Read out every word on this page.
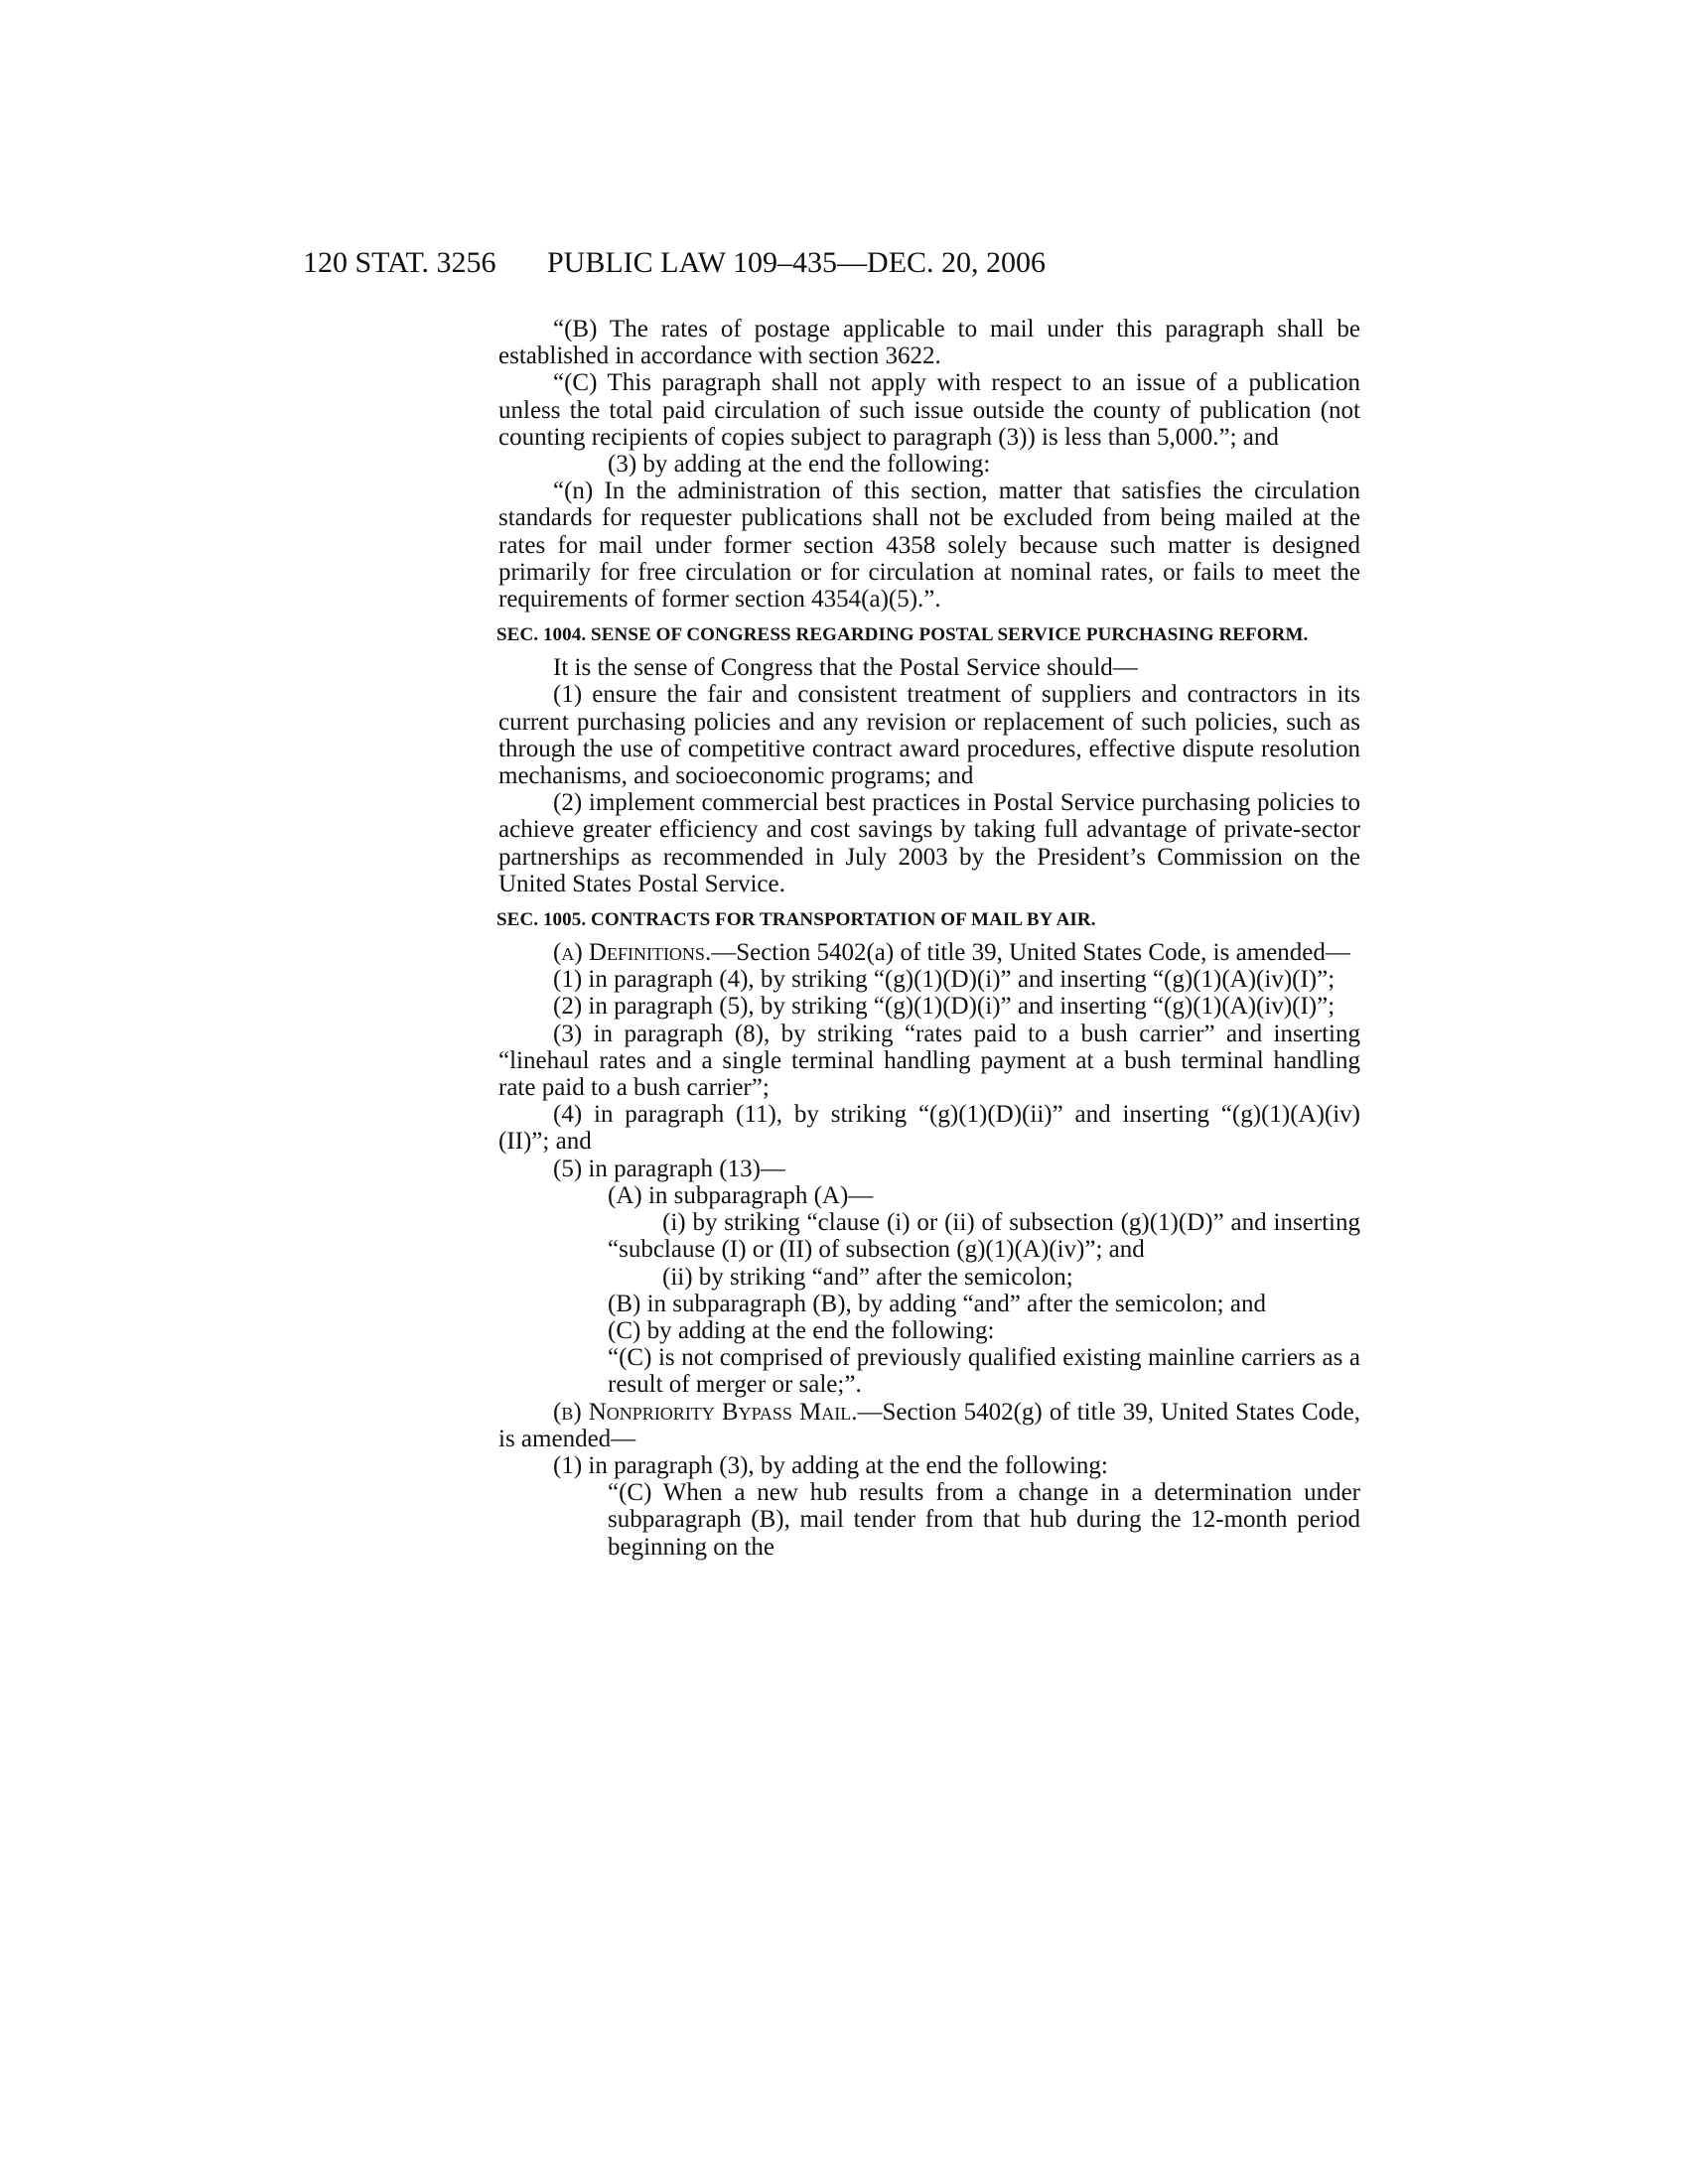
120 STAT. 3256 PUBLIC LAW 109–435—DEC. 20, 2006

“(B) The rates of postage applicable to mail under this paragraph shall be established in accordance with section 3622.

“(C) This paragraph shall not apply with respect to an issue of a publication unless the total paid circulation of such issue outside the county of publication (not counting recipients of copies subject to paragraph (3)) is less than 5,000.”; and

(3) by adding at the end the following:

“(n) In the administration of this section, matter that satisfies the circulation standards for requester publications shall not be excluded from being mailed at the rates for mail under former section 4358 solely because such matter is designed primarily for free circulation or for circulation at nominal rates, or fails to meet the requirements of former section 4354(a)(5).”.

SEC. 1004. SENSE OF CONGRESS REGARDING POSTAL SERVICE PURCHASING REFORM.

It is the sense of Congress that the Postal Service should—

(1) ensure the fair and consistent treatment of suppliers and contractors in its current purchasing policies and any revision or replacement of such policies, such as through the use of competitive contract award procedures, effective dispute resolution mechanisms, and socioeconomic programs; and

(2) implement commercial best practices in Postal Service purchasing policies to achieve greater efficiency and cost savings by taking full advantage of private-sector partnerships as recommended in July 2003 by the President’s Commission on the United States Postal Service.

SEC. 1005. CONTRACTS FOR TRANSPORTATION OF MAIL BY AIR.

(a) Definitions.—Section 5402(a) of title 39, United States Code, is amended—

(1) in paragraph (4), by striking “(g)(1)(D)(i)” and inserting “(g)(1)(A)(iv)(I)”;

(2) in paragraph (5), by striking “(g)(1)(D)(i)” and inserting “(g)(1)(A)(iv)(I)”;

(3) in paragraph (8), by striking “rates paid to a bush carrier” and inserting “linehaul rates and a single terminal handling payment at a bush terminal handling rate paid to a bush carrier”;

(4) in paragraph (11), by striking “(g)(1)(D)(ii)” and inserting “(g)(1)(A)(iv)(II)”; and

(5) in paragraph (13)—

(A) in subparagraph (A)—

(i) by striking “clause (i) or (ii) of subsection (g)(1)(D)” and inserting “subclause (I) or (II) of subsection (g)(1)(A)(iv)”; and

(ii) by striking “and” after the semicolon;

(B) in subparagraph (B), by adding “and” after the semicolon; and

(C) by adding at the end the following:

“(C) is not comprised of previously qualified existing mainline carriers as a result of merger or sale;”.

(b) Nonpriority Bypass Mail.—Section 5402(g) of title 39, United States Code, is amended—

(1) in paragraph (3), by adding at the end the following:

“(C) When a new hub results from a change in a determination under subparagraph (B), mail tender from that hub during the 12-month period beginning on the
